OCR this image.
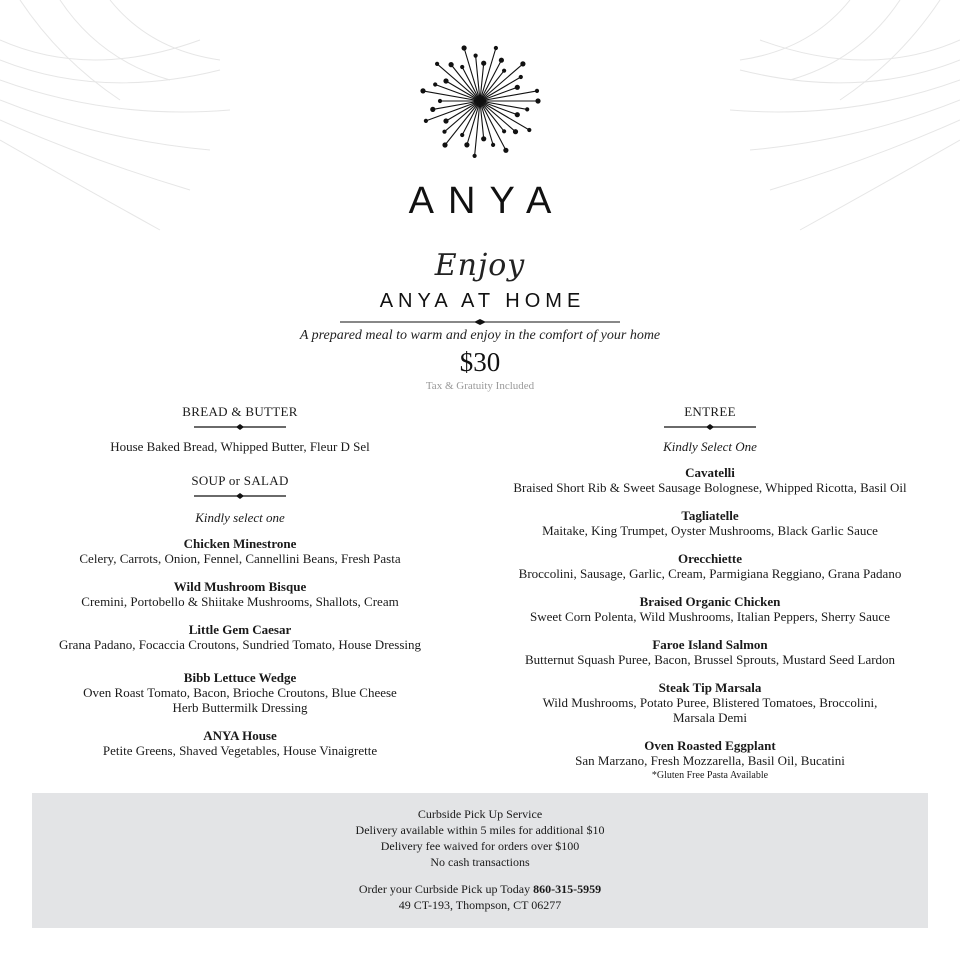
ANYA
Enjoy
ANYA AT HOME
A prepared meal to warm and enjoy in the comfort of your home
$30
Tax & Gratuity Included
BREAD & BUTTER
House Baked Bread, Whipped Butter, Fleur D Sel
SOUP or SALAD
Kindly select one
Chicken Minestrone
Celery, Carrots, Onion, Fennel, Cannellini Beans, Fresh Pasta
Wild Mushroom Bisque
Cremini, Portobello & Shiitake Mushrooms, Shallots, Cream
Little Gem Caesar
Grana Padano, Focaccia Croutons, Sundried Tomato, House Dressing
Bibb Lettuce Wedge
Oven Roast Tomato, Bacon, Brioche Croutons, Blue Cheese
Herb Buttermilk Dressing
ANYA House
Petite Greens, Shaved Vegetables, House Vinaigrette
ENTREE
Kindly Select One
Cavatelli
Braised Short Rib & Sweet Sausage Bolognese, Whipped Ricotta, Basil Oil
Tagliatelle
Maitake, King Trumpet, Oyster Mushrooms, Black Garlic Sauce
Orecchiette
Broccolini, Sausage, Garlic, Cream, Parmigiana Reggiano, Grana Padano
Braised Organic Chicken
Sweet Corn Polenta, Wild Mushrooms, Italian Peppers, Sherry Sauce
Faroe Island Salmon
Butternut Squash Puree, Bacon, Brussel Sprouts, Mustard Seed Lardon
Steak Tip Marsala
Wild Mushrooms, Potato Puree, Blistered Tomatoes, Broccolini,
Marsala Demi
Oven Roasted Eggplant
San Marzano, Fresh Mozzarella, Basil Oil, Bucatini
*Gluten Free Pasta Available
Curbside Pick Up Service
Delivery available within 5 miles for additional $10
Delivery fee waived for orders over $100
No cash transactions
Order your Curbside Pick up Today 860-315-5959
49 CT-193, Thompson, CT 06277
